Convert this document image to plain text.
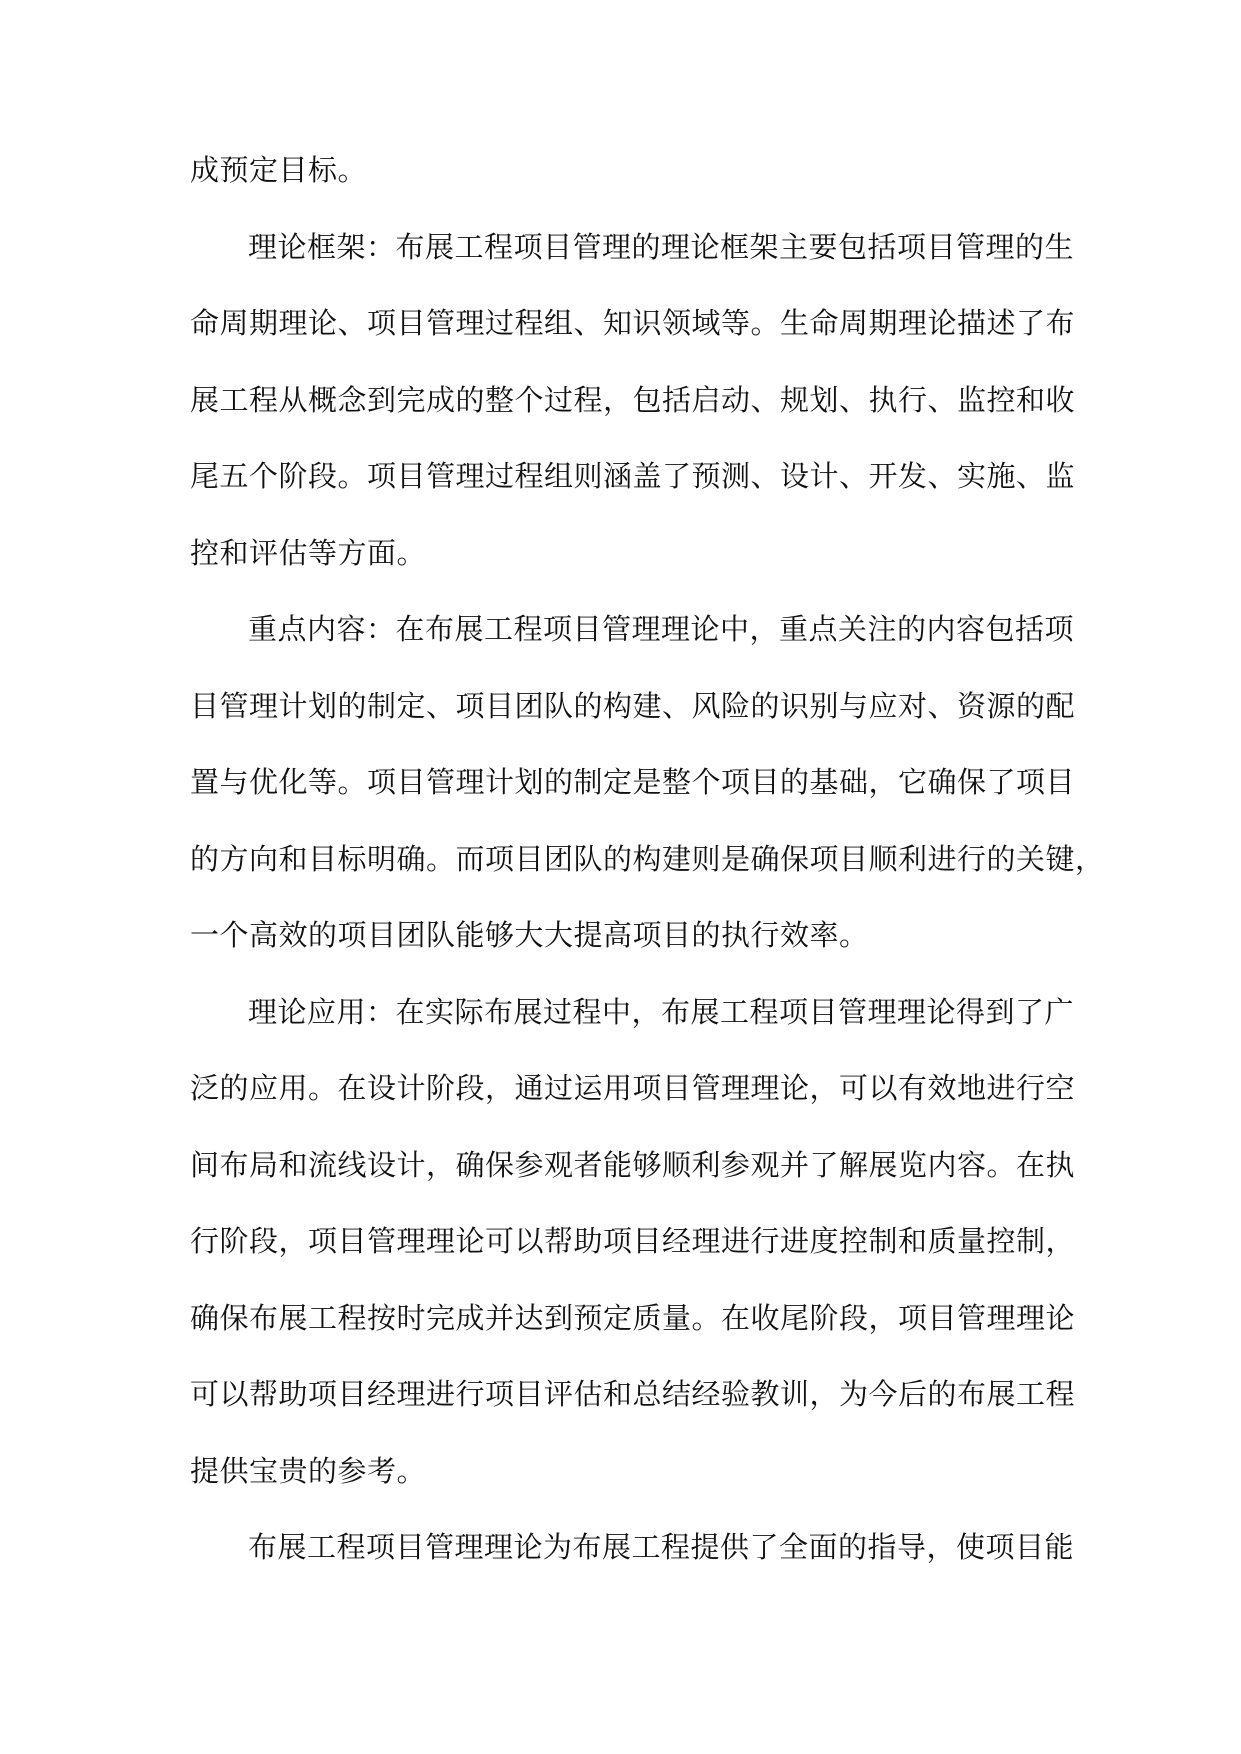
成预定目标。
理论框架：布展工程项目管理的理论框架主要包括项目管理的生
命周期理论、项目管理过程组、知识领域等。生命周期理论描述了布
展工程从概念到完成的整个过程，包括启动、规划、执行、监控和收
尾五个阶段。项目管理过程组则涵盖了预测、设计、开发、实施、监
控和评估等方面。
重点内容：在布展工程项目管理理论中，重点关注的内容包括项
目管理计划的制定、项目团队的构建、风险的识别与应对、资源的配
置与优化等。项目管理计划的制定是整个项目的基础，它确保了项目
的方向和目标明确。而项目团队的构建则是确保项目顺利进行的关键，
一个高效的项目团队能够大大提高项目的执行效率。
理论应用：在实际布展过程中，布展工程项目管理理论得到了广
泛的应用。在设计阶段，通过运用项目管理理论，可以有效地进行空
间布局和流线设计，确保参观者能够顺利参观并了解展览内容。在执
行阶段，项目管理理论可以帮助项目经理进行进度控制和质量控制，
确保布展工程按时完成并达到预定质量。在收尾阶段，项目管理理论
可以帮助项目经理进行项目评估和总结经验教训，为今后的布展工程
提供宝贵的参考。
布展工程项目管理理论为布展工程提供了全面的指导，使项目能
